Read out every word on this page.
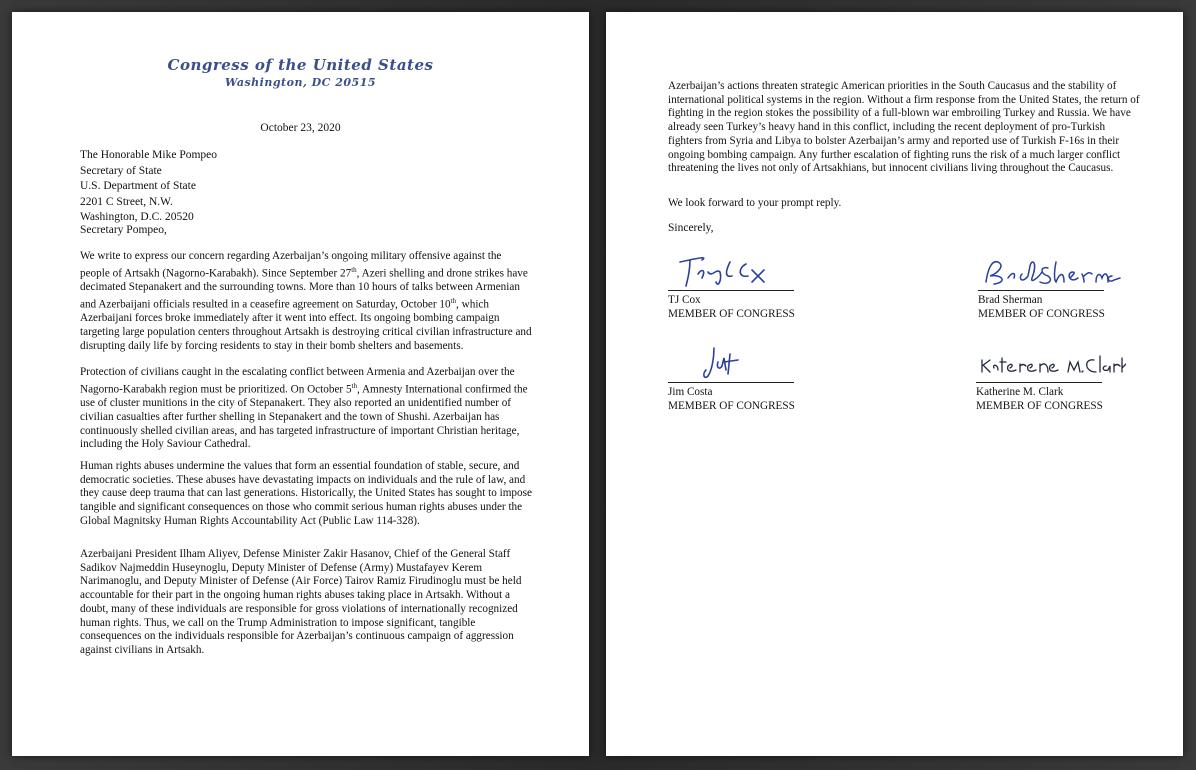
Congress of the United States
Washington, DC 20515
October 23, 2020
The Honorable Mike Pompeo
Secretary of State
U.S. Department of State
2201 C Street, N.W.
Washington, D.C. 20520
Secretary Pompeo,

We write to express our concern regarding Azerbaijan’s ongoing military offensive against the people of Artsakh (Nagorno-Karabakh). Since September 27th, Azeri shelling and drone strikes have decimated Stepanakert and the surrounding towns. More than 10 hours of talks between Armenian and Azerbaijani officials resulted in a ceasefire agreement on Saturday, October 10th, which Azerbaijani forces broke immediately after it went into effect. Its ongoing bombing campaign targeting large population centers throughout Artsakh is destroying critical civilian infrastructure and disrupting daily life by forcing residents to stay in their bomb shelters and basements.

Protection of civilians caught in the escalating conflict between Armenia and Azerbaijan over the Nagorno-Karabakh region must be prioritized. On October 5th, Amnesty International confirmed the use of cluster munitions in the city of Stepanakert. They also reported an unidentified number of civilian casualties after further shelling in Stepanakert and the town of Shushi. Azerbaijan has continuously shelled civilian areas, and has targeted infrastructure of important Christian heritage, including the Holy Saviour Cathedral.

Human rights abuses undermine the values that form an essential foundation of stable, secure, and democratic societies. These abuses have devastating impacts on individuals and the rule of law, and they cause deep trauma that can last generations. Historically, the United States has sought to impose tangible and significant consequences on those who commit serious human rights abuses under the Global Magnitsky Human Rights Accountability Act (Public Law 114-328).

Azerbaijani President Ilham Aliyev, Defense Minister Zakir Hasanov, Chief of the General Staff Sadikov Najmeddin Huseynoglu, Deputy Minister of Defense (Army) Mustafayev Kerem Narimanoglu, and Deputy Minister of Defense (Air Force) Tairov Ramiz Firudinoglu must be held accountable for their part in the ongoing human rights abuses taking place in Artsakh. Without a doubt, many of these individuals are responsible for gross violations of internationally recognized human rights. Thus, we call on the Trump Administration to impose significant, tangible consequences on the individuals responsible for Azerbaijan’s continuous campaign of aggression against civilians in Artsakh.

Azerbaijan’s actions threaten strategic American priorities in the South Caucasus and the stability of international political systems in the region. Without a firm response from the United States, the return of fighting in the region stokes the possibility of a full-blown war embroiling Turkey and Russia. We have already seen Turkey’s heavy hand in this conflict, including the recent deployment of pro-Turkish fighters from Syria and Libya to bolster Azerbaijan’s army and reported use of Turkish F-16s in their ongoing bombing campaign. Any further escalation of fighting runs the risk of a much larger conflict threatening the lives not only of Artsakhians, but innocent civilians living throughout the Caucasus.
We look forward to your prompt reply.
Sincerely,
TJ Cox
MEMBER OF CONGRESS
Brad Sherman
MEMBER OF CONGRESS
Jim Costa
MEMBER OF CONGRESS
Katherine M. Clark
MEMBER OF CONGRESS
